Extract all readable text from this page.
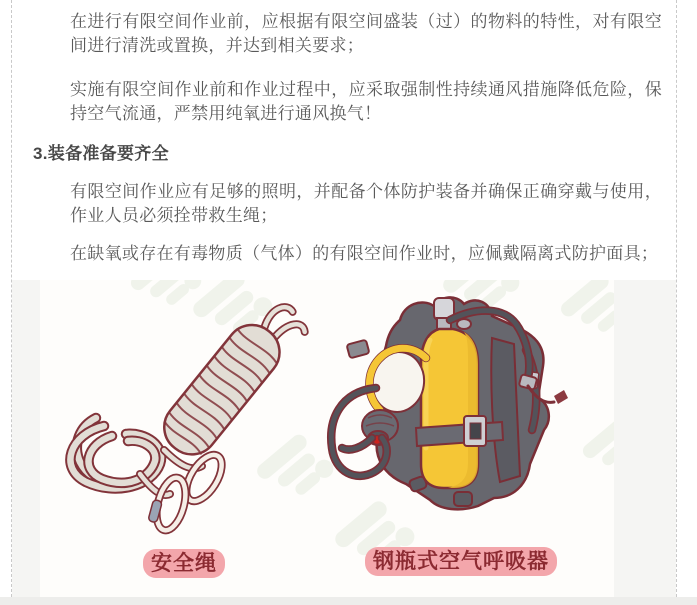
在进行有限空间作业前，应根据有限空间盛装（过）的物料的特性，对有限空间进行清洗或置换，并达到相关要求；

实施有限空间作业前和作业过程中，应采取强制性持续通风措施降低危险，保持空气流通，严禁用纯氧进行通风换气！

3.装备准备要齐全

有限空间作业应有足够的照明，并配备个体防护装备并确保正确穿戴与使用，作业人员必须拴带救生绳；

在缺氧或存在有毒物质（气体）的有限空间作业时，应佩戴隔离式防护面具；

安全绳	钢瓶式空气呼吸器
